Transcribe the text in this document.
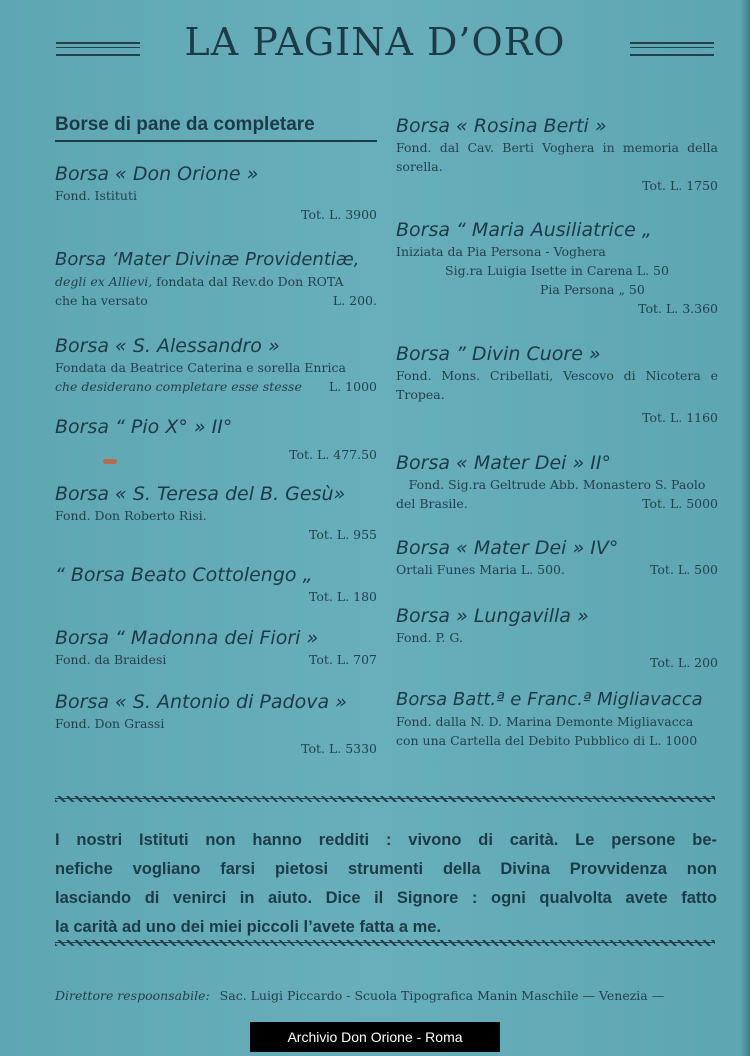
LA PAGINA D’ORO
Borse di pane da completare
Borsa « Don Orione »
Fond. Istituti
Tot. L. 3900
Borsa ‘Mater Divinæ Providentiæ,
degli ex Allievi, fondata dal Rev.do Don ROTA
che ha versato	L. 200.
Borsa « S. Alessandro »
Fondata da Beatrice Caterina e sorella Enrica
che desiderano completare esse stesse L. 1000
Borsa “ Pio X° » II°
Tot. L. 477.50
Borsa « S. Teresa del B. Gesù»
Fond. Don Roberto Risi.
Tot. L. 955
“ Borsa Beato Cottolengo „
Tot. L. 180
Borsa “ Madonna dei Fiori »
Fond. da Braidesi	Tot. L. 707
Borsa « S. Antonio di Padova »
Fond. Don Grassi
Tot. L. 5330
Borsa « Rosina Berti »
Fond. dal Cav. Berti Voghera in memoria della sorella.
Tot. L. 1750
Borsa “ Maria Ausiliatrice „
Iniziata da Pia Persona - Voghera
Sig.ra Luigia Isette in Carena L. 50
Pia Persona „ 50
Tot. L. 3.360
Borsa ” Divin Cuore »
Fond. Mons. Cribellati, Vescovo di Nicotera e Tropea.
Tot. L. 1160
Borsa « Mater Dei » II°
Fond. Sig.ra Geltrude Abb. Monastero S. Paolo
del Brasile.	Tot. L. 5000
Borsa « Mater Dei » IV°
Ortali Funes Maria L. 500.	Tot. L. 500
Borsa » Lungavilla »
Fond. P. G.
Tot. L. 200
Borsa Batt.ª e Franc.ª Migliavacca
Fond. dalla N. D. Marina Demonte Migliavacca
con una Cartella del Debito Pubblico di L. 1000
I nostri Istituti non hanno redditi : vivono di carità. Le persone be-
nefiche vogliano farsi pietosi strumenti della Divina Provvidenza non
lasciando di venirci in aiuto. Dice il Signore : ogni qualvolta avete fatto
la carità ad uno dei miei piccoli l’avete fatta a me.
Direttore respoonsabile: Sac. Luigi Piccardo - Scuola Tipografica Manin Maschile — Venezia —
Archivio Don Orione - Roma
